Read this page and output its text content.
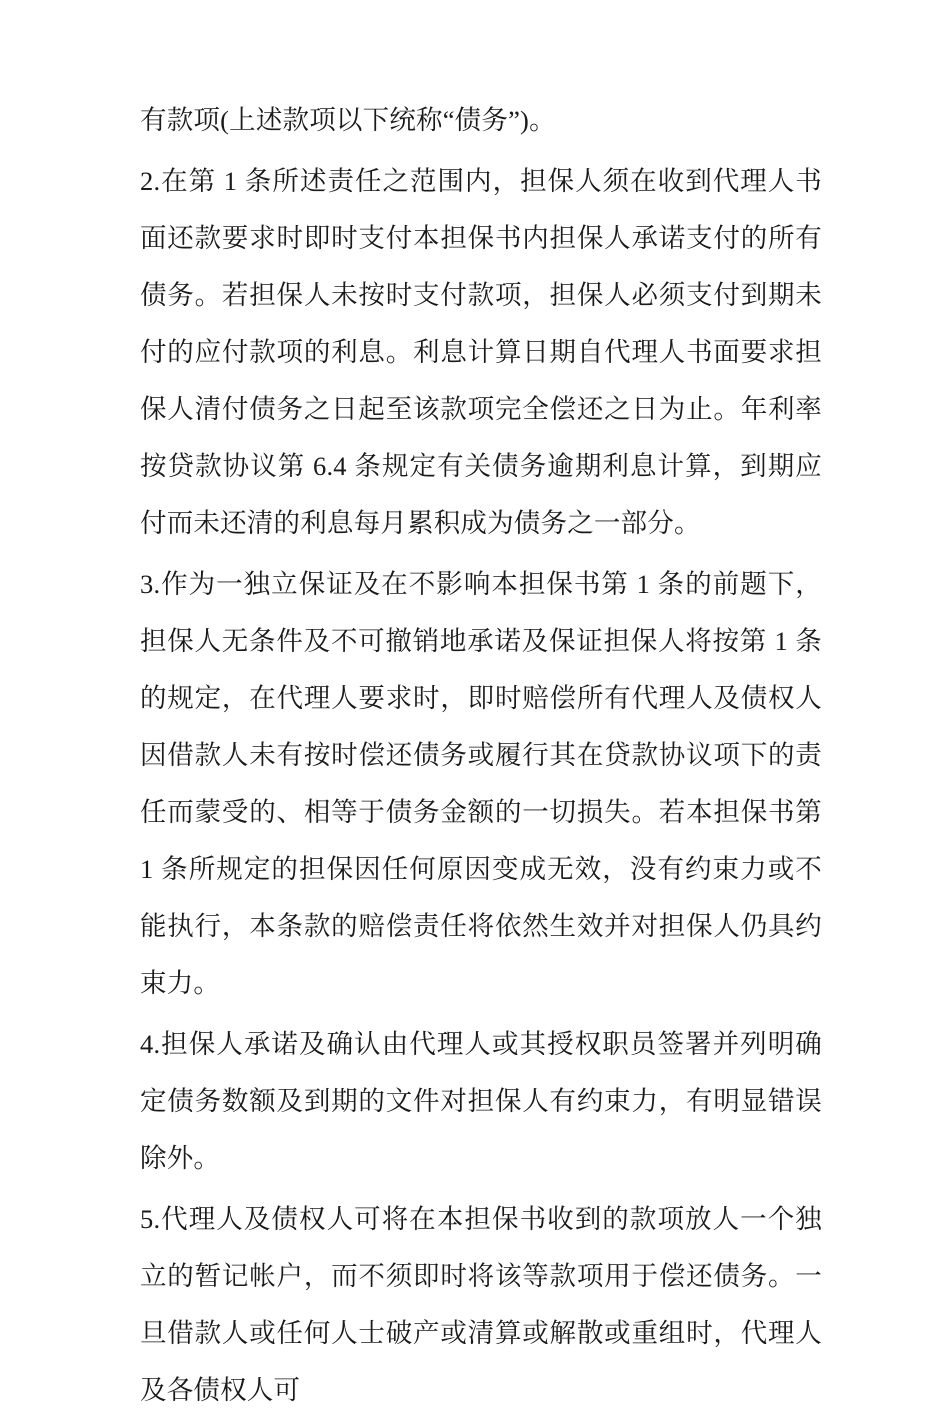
有款项(上述款项以下统称“债务”)。

2.在第 1 条所述责任之范围内，担保人须在收到代理人书面还款要求时即时支付本担保书内担保人承诺支付的所有债务。若担保人未按时支付款项，担保人必须支付到期未付的应付款项的利息。利息计算日期自代理人书面要求担保人清付债务之日起至该款项完全偿还之日为止。年利率按贷款协议第 6.4 条规定有关债务逾期利息计算，到期应付而未还清的利息每月累积成为债务之一部分。

3.作为一独立保证及在不影响本担保书第 1 条的前题下，担保人无条件及不可撤销地承诺及保证担保人将按第 1 条的规定，在代理人要求时，即时赔偿所有代理人及债权人因借款人未有按时偿还债务或履行其在贷款协议项下的责任而蒙受的、相等于债务金额的一切损失。若本担保书第 1 条所规定的担保因任何原因变成无效，没有约束力或不能执行，本条款的赔偿责任将依然生效并对担保人仍具约束力。

4.担保人承诺及确认由代理人或其授权职员签署并列明确定债务数额及到期的文件对担保人有约束力，有明显错误除外。

5.代理人及债权人可将在本担保书收到的款项放人一个独立的暂记帐户，而不须即时将该等款项用于偿还债务。一旦借款人或任何人士破产或清算或解散或重组时，代理人及各债权人可
